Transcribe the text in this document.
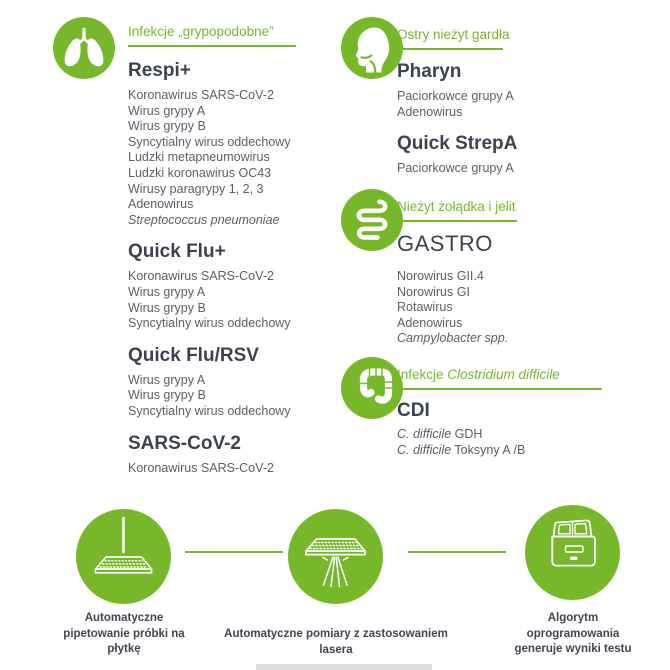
Infekcje „grypopodobne”
Respi+
Koronawirus SARS-CoV-2
Wirus grypy A
Wirus grypy B
Syncytialny wirus oddechowy
Ludzki metapneumowirus
Ludzki koronawirus OC43
Wirusy paragrypy 1, 2, 3
Adenowirus
Streptococcus pneumoniae
Quick Flu+
Koronawirus SARS-CoV-2
Wirus grypy A
Wirus grypy B
Syncytialny wirus oddechowy
Quick Flu/RSV
Wirus grypy A
Wirus grypy B
Syncytialny wirus oddechowy
SARS-CoV-2
Koronawirus SARS-CoV-2
Ostry nieżyt gardła
Pharyn
Paciorkowce grupy A
Adenowirus
Quick StrepA
Paciorkowce grupy A
Nieżyt żołądka i jelit
GASTRO
Norowirus GII.4
Norowirus GI
Rotawirus
Adenowirus
Campylobacter spp.
Infekcje Clostridium difficile
CDI
C. difficile GDH
C. difficile Toksyny A /B
Automatyczne
pipetowanie próbki na
płytkę
Automatyczne pomiary z zastosowaniem
lasera
Algorytm
oprogramowania
generuje wyniki testu
